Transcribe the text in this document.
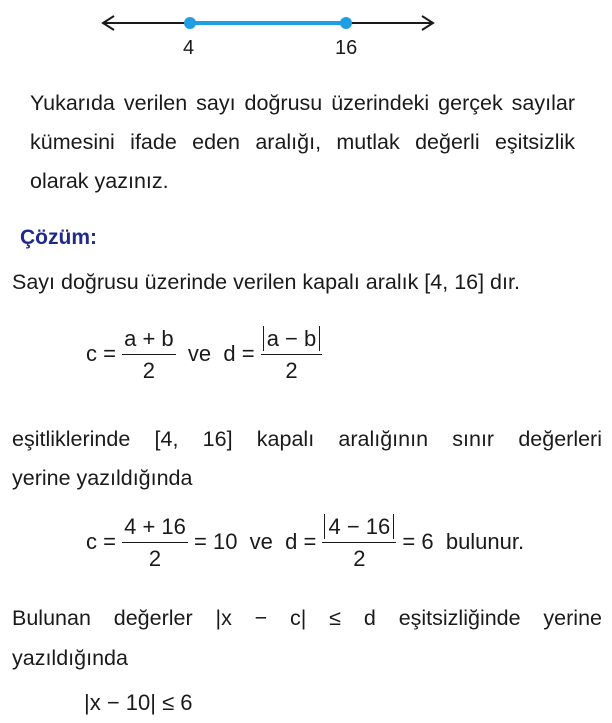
4	16
Yukarıda verilen sayı doğrusu üzerindeki gerçek sayılar kümesini ifade eden aralığı, mutlak değerli eşitsizlik olarak yazınız.
Çözüm:
Sayı doğrusu üzerinde verilen kapalı aralık [4, 16] dır.
$c = \frac{a + b}{2}$ ve $d = \frac{a - b}{2}$
eşitliklerinde [4, 16] kapalı aralığının sınır değerleri
yerine yazıldığında
$c = \frac{4 + 16}{2} = 10$ ve $d = \frac{4 - 16}{2} = 6$ bulunur.
Bulunan değerler |x − c| ≤ d eşitsizliğinde yerine
yazıldığında
|x − 10| ≤ 6
